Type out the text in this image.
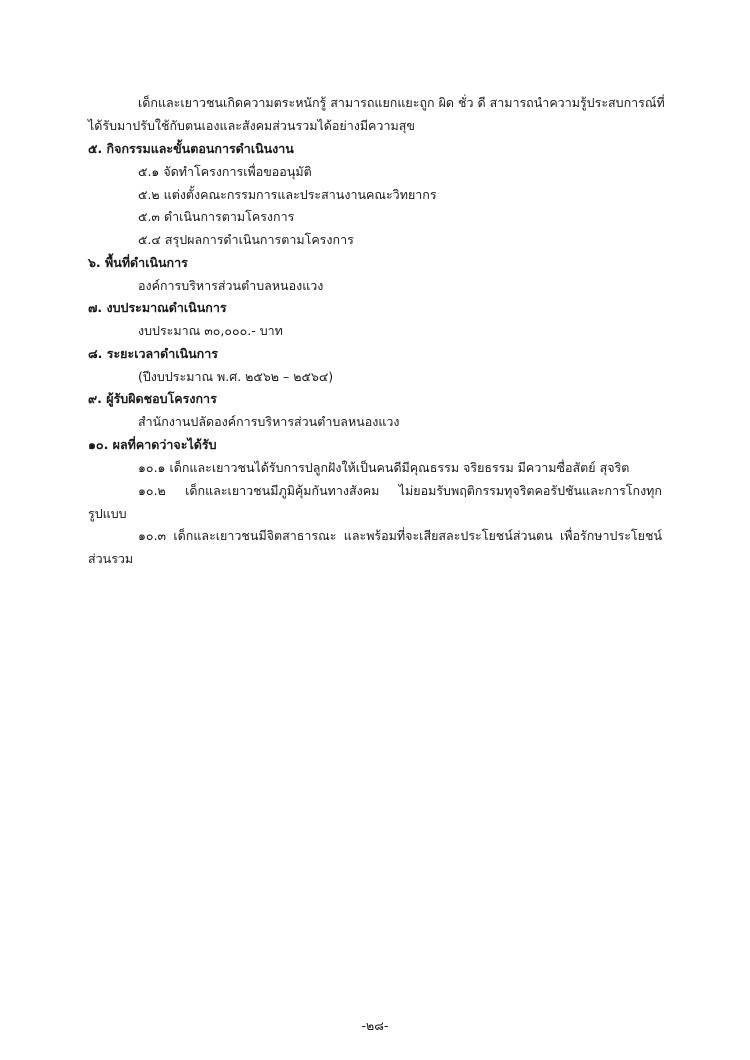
เด็กและเยาวชนเกิดความตระหนักรู้ สามารถแยกแยะถูก ผิด ชั่ว ดี สามารถนำความรู้ประสบการณ์ที่
ได้รับมาปรับใช้กับตนเองและสังคมส่วนรวมได้อย่างมีความสุข
๕. กิจกรรมและขั้นตอนการดำเนินงาน
๕.๑ จัดทำโครงการเพื่อขออนุมัติ
๕.๒ แต่งตั้งคณะกรรมการและประสานงานคณะวิทยากร
๕.๓ ดำเนินการตามโครงการ
๕.๔ สรุปผลการดำเนินการตามโครงการ
๖. พื้นที่ดำเนินการ
องค์การบริหารส่วนตำบลหนองแวง
๗. งบประมาณดำเนินการ
งบประมาณ ๓๐,๐๐๐.- บาท
๘. ระยะเวลาดำเนินการ
(ปีงบประมาณ พ.ศ. ๒๕๖๒ – ๒๕๖๔)
๙. ผู้รับผิดชอบโครงการ
สำนักงานปลัดองค์การบริหารส่วนตำบลหนองแวง
๑๐. ผลที่คาดว่าจะได้รับ
๑๐.๑ เด็กและเยาวชนได้รับการปลูกฝังให้เป็นคนดีมีคุณธรรม จริยธรรม มีความซื่อสัตย์ สุจริต
๑๐.๒ เด็กและเยาวชนมีภูมิคุ้มกันทางสังคม ไม่ยอมรับพฤติกรรมทุจริตคอรัปชันและการโกงทุก
รูปแบบ
๑๐.๓ เด็กและเยาวชนมีจิตสาธารณะ และพร้อมที่จะเสียสละประโยชน์ส่วนตน เพื่อรักษาประโยชน์
ส่วนรวม
-๒๘-
